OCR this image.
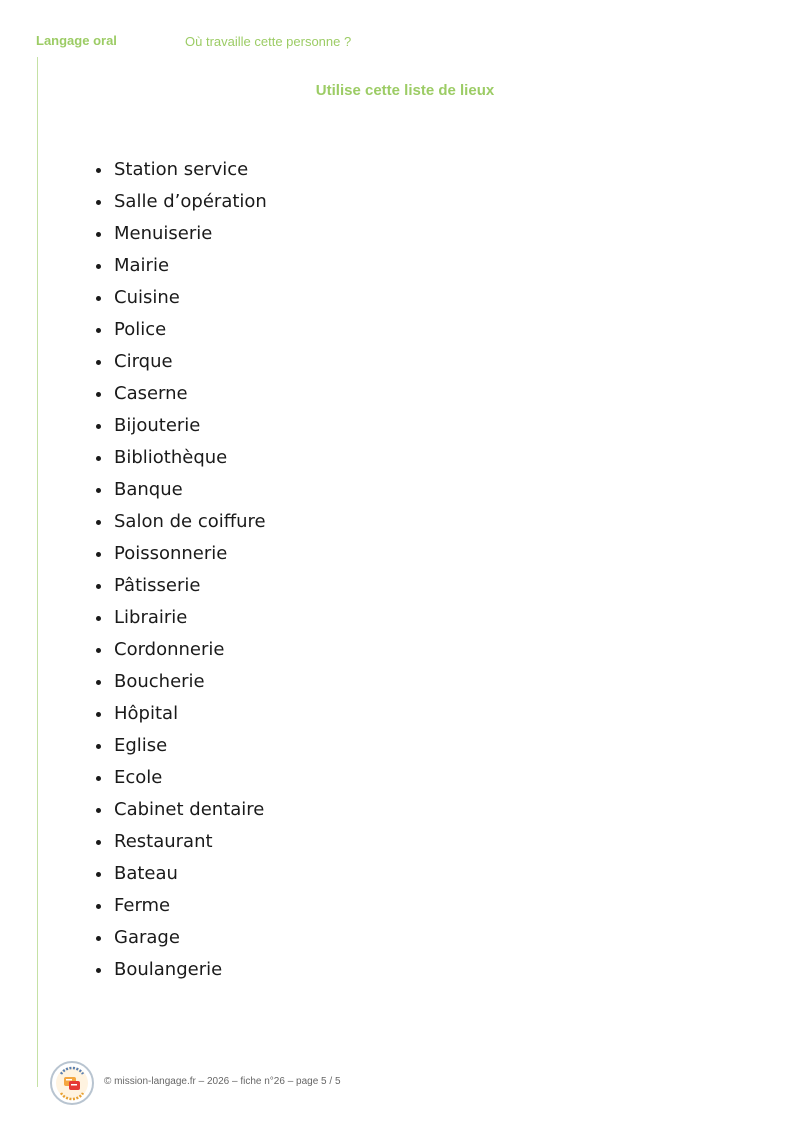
Langage oral	Où travaille cette personne ?
Utilise cette liste de lieux
Station service
Salle d’opération
Menuiserie
Mairie
Cuisine
Police
Cirque
Caserne
Bijouterie
Bibliothèque
Banque
Salon de coiffure
Poissonnerie
Pâtisserie
Librairie
Cordonnerie
Boucherie
Hôpital
Eglise
Ecole
Cabinet dentaire
Restaurant
Bateau
Ferme
Garage
Boulangerie
© mission-langage.fr – 2026 – fiche n°26 – page 5 / 5
